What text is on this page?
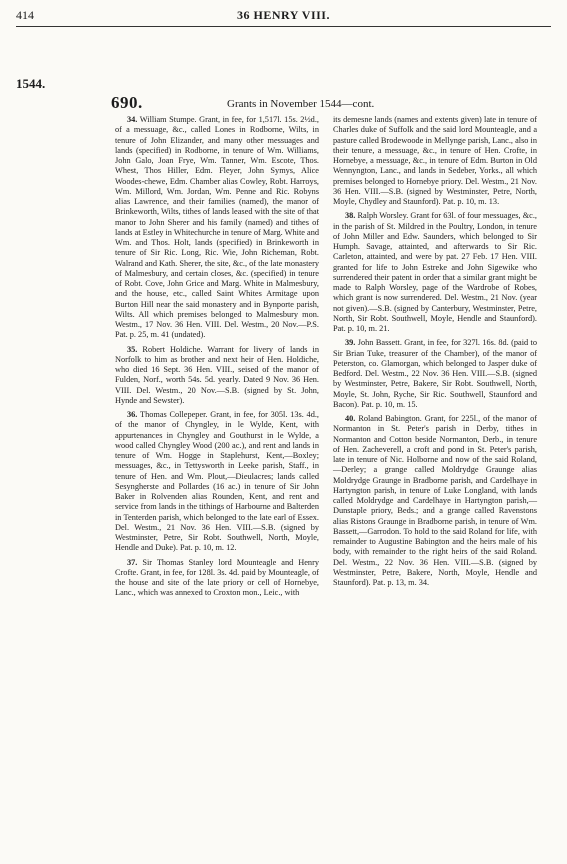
414	36 HENRY VIII.
1544.
690.	Grants in November 1544—cont.

34. William Stumpe. Grant, in fee, for 1,517l. 15s. 2½d., of a messuage, &c., called Lones in Rodborne, Wilts, in tenure of John Elizander, and many other messuages and lands (specified) in Rodborne, in tenure of Wm. Williams, John Galo, Joan Frye, Wm. Tanner, Wm. Escote, Thos. Whest, Thos Hiller, Edm. Fleyer, John Symys, Alice Woodes-chewe, Edm. Chamber alias Cowley, Robt. Harroys, Wm. Millord, Wm. Jordan, Wm. Penne and Ric. Robyns alias Lawrence, and their families (named), the manor of Brinkeworth, Wilts, tithes of lands leased with the site of that manor to John Sherer and his family (named) and tithes of lands at Estley in Whitechurche in tenure of Marg. White and Wm. and Thos. Holt, lands (specified) in Brinkeworth in tenure of Sir Ric. Long, Ric. Wie, John Richeman, Robt. Walrand and Kath. Sherer, the site, &c., of the late monastery of Malmesbury, and certain closes, &c. (specified) in tenure of Robt. Cove, John Grice and Marg. White in Malmesbury, and the house, etc., called Saint Whites Armitage upon Burton Hill near the said monastery and in Bynporte parish, Wilts. All which premises belonged to Malmesbury mon. Westm., 17 Nov. 36 Hen. VIII. Del. Westm., 20 Nov.—P.S. Pat. p. 25, m. 41 (undated).

35. Robert Holdiche. Warrant for livery of lands in Norfolk to him as brother and next heir of Hen. Holdiche, who died 16 Sept. 36 Hen. VIII., seised of the manor of Fulden, Norf., worth 54s. 5d. yearly. Dated 9 Nov. 36 Hen. VIII. Del. Westm., 20 Nov.—S.B. (signed by St. John, Hynde and Sewster).

36. Thomas Collepeper. Grant, in fee, for 305l. 13s. 4d., of the manor of Chyngley, in le Wylde, Kent, with appurtenances in Chyngley and Gouthurst in le Wylde, a wood called Chyngley Wood (200 ac.), and rent and lands in tenure of Wm. Hogge in Staplehurst, Kent,—Boxley; messuages, &c., in Tettysworth in Leeke parish, Staff., in tenure of Hen. and Wm. Plout,—Dieulacres; lands called Sesyngherste and Pollardes (16 ac.) in tenure of Sir John Baker in Rolvenden alias Rounden, Kent, and rent and service from lands in the tithings of Harbourne and Balterden in Tenterden parish, which belonged to the late earl of Essex. Del. Westm., 21 Nov. 36 Hen. VIII.—S.B. (signed by Westminster, Petre, Sir Robt. Southwell, North, Moyle, Hendle and Duke). Pat. p. 10, m. 12.

37. Sir Thomas Stanley lord Mounteagle and Henry Crofte. Grant, in fee, for 128l. 3s. 4d. paid by Mounteagle, of the house and site of the late priory or cell of Hornebye, Lanc., which was annexed to Croxton mon., Leic., with

its demesne lands (names and extents given) late in tenure of Charles duke of Suffolk and the said lord Mounteagle, and a pasture called Brodewoode in Mellynge parish, Lanc., also in their tenure, a messuage, &c., in tenure of Hen. Crofte, in Hornebye, a messuage, &c., in tenure of Edm. Burton in Old Wennyngton, Lanc., and lands in Sedeber, Yorks., all which premises belonged to Hornebye priory. Del. Westm., 21 Nov. 36 Hen. VIII.—S.B. (signed by Westminster, Petre, North, Moyle, Chydley and Staunford). Pat. p. 10, m. 13.

38. Ralph Worsley. Grant for 63l. of four messuages, &c., in the parish of St. Mildred in the Poultry, London, in tenure of John Miller and Edw. Saunders, which belonged to Sir Humph. Savage, attainted, and afterwards to Sir Ric. Carleton, attainted, and were by pat. 27 Feb. 17 Hen. VIII. granted for life to John Estreke and John Sigewike who surrendered their patent in order that a similar grant might be made to Ralph Worsley, page of the Wardrobe of Robes, which grant is now surrendered. Del. Westm., 21 Nov. (year not given).—S.B. (signed by Canterbury, Westminster, Petre, North, Sir Robt. Southwell, Moyle, Hendle and Staunford). Pat. p. 10, m. 21.

39. John Bassett. Grant, in fee, for 327l. 16s. 8d. (paid to Sir Brian Tuke, treasurer of the Chamber), of the manor of Peterston, co. Glamorgan, which belonged to Jasper duke of Bedford. Del. Westm., 22 Nov. 36 Hen. VIII.—S.B. (signed by Westminster, Petre, Bakere, Sir Robt. Southwell, North, Moyle, St. John, Ryche, Sir Ric. Southwell, Staunford and Bacon). Pat. p. 10, m. 15.

40. Roland Babington. Grant, for 225l., of the manor of Normanton in St. Peter's parish in Derby, tithes in Normanton and Cotton beside Normanton, Derb., in tenure of Hen. Zacheverell, a croft and pond in St. Peter's parish, late in tenure of Nic. Holborne and now of the said Roland,—Derley; a grange called Moldrydge Graunge alias Moldrydge Graunge in Bradborne parish, and Cardelhaye in Hartyngton parish, in tenure of Luke Longland, with lands called Moldrydge and Cardelhaye in Hartyngton parish,—Dunstaple priory, Beds.; and a grange called Ravenstons alias Ristons Graunge in Bradborne parish, in tenure of Wm. Bassett,—Garrodon. To hold to the said Roland for life, with remainder to Augustine Babington and the heirs male of his body, with remainder to the right heirs of the said Roland. Del. Westm., 22 Nov. 36 Hen. VIII.—S.B. (signed by Westminster, Petre, Bakere, North, Moyle, Hendle and Staunford). Pat. p. 13, m. 34.
